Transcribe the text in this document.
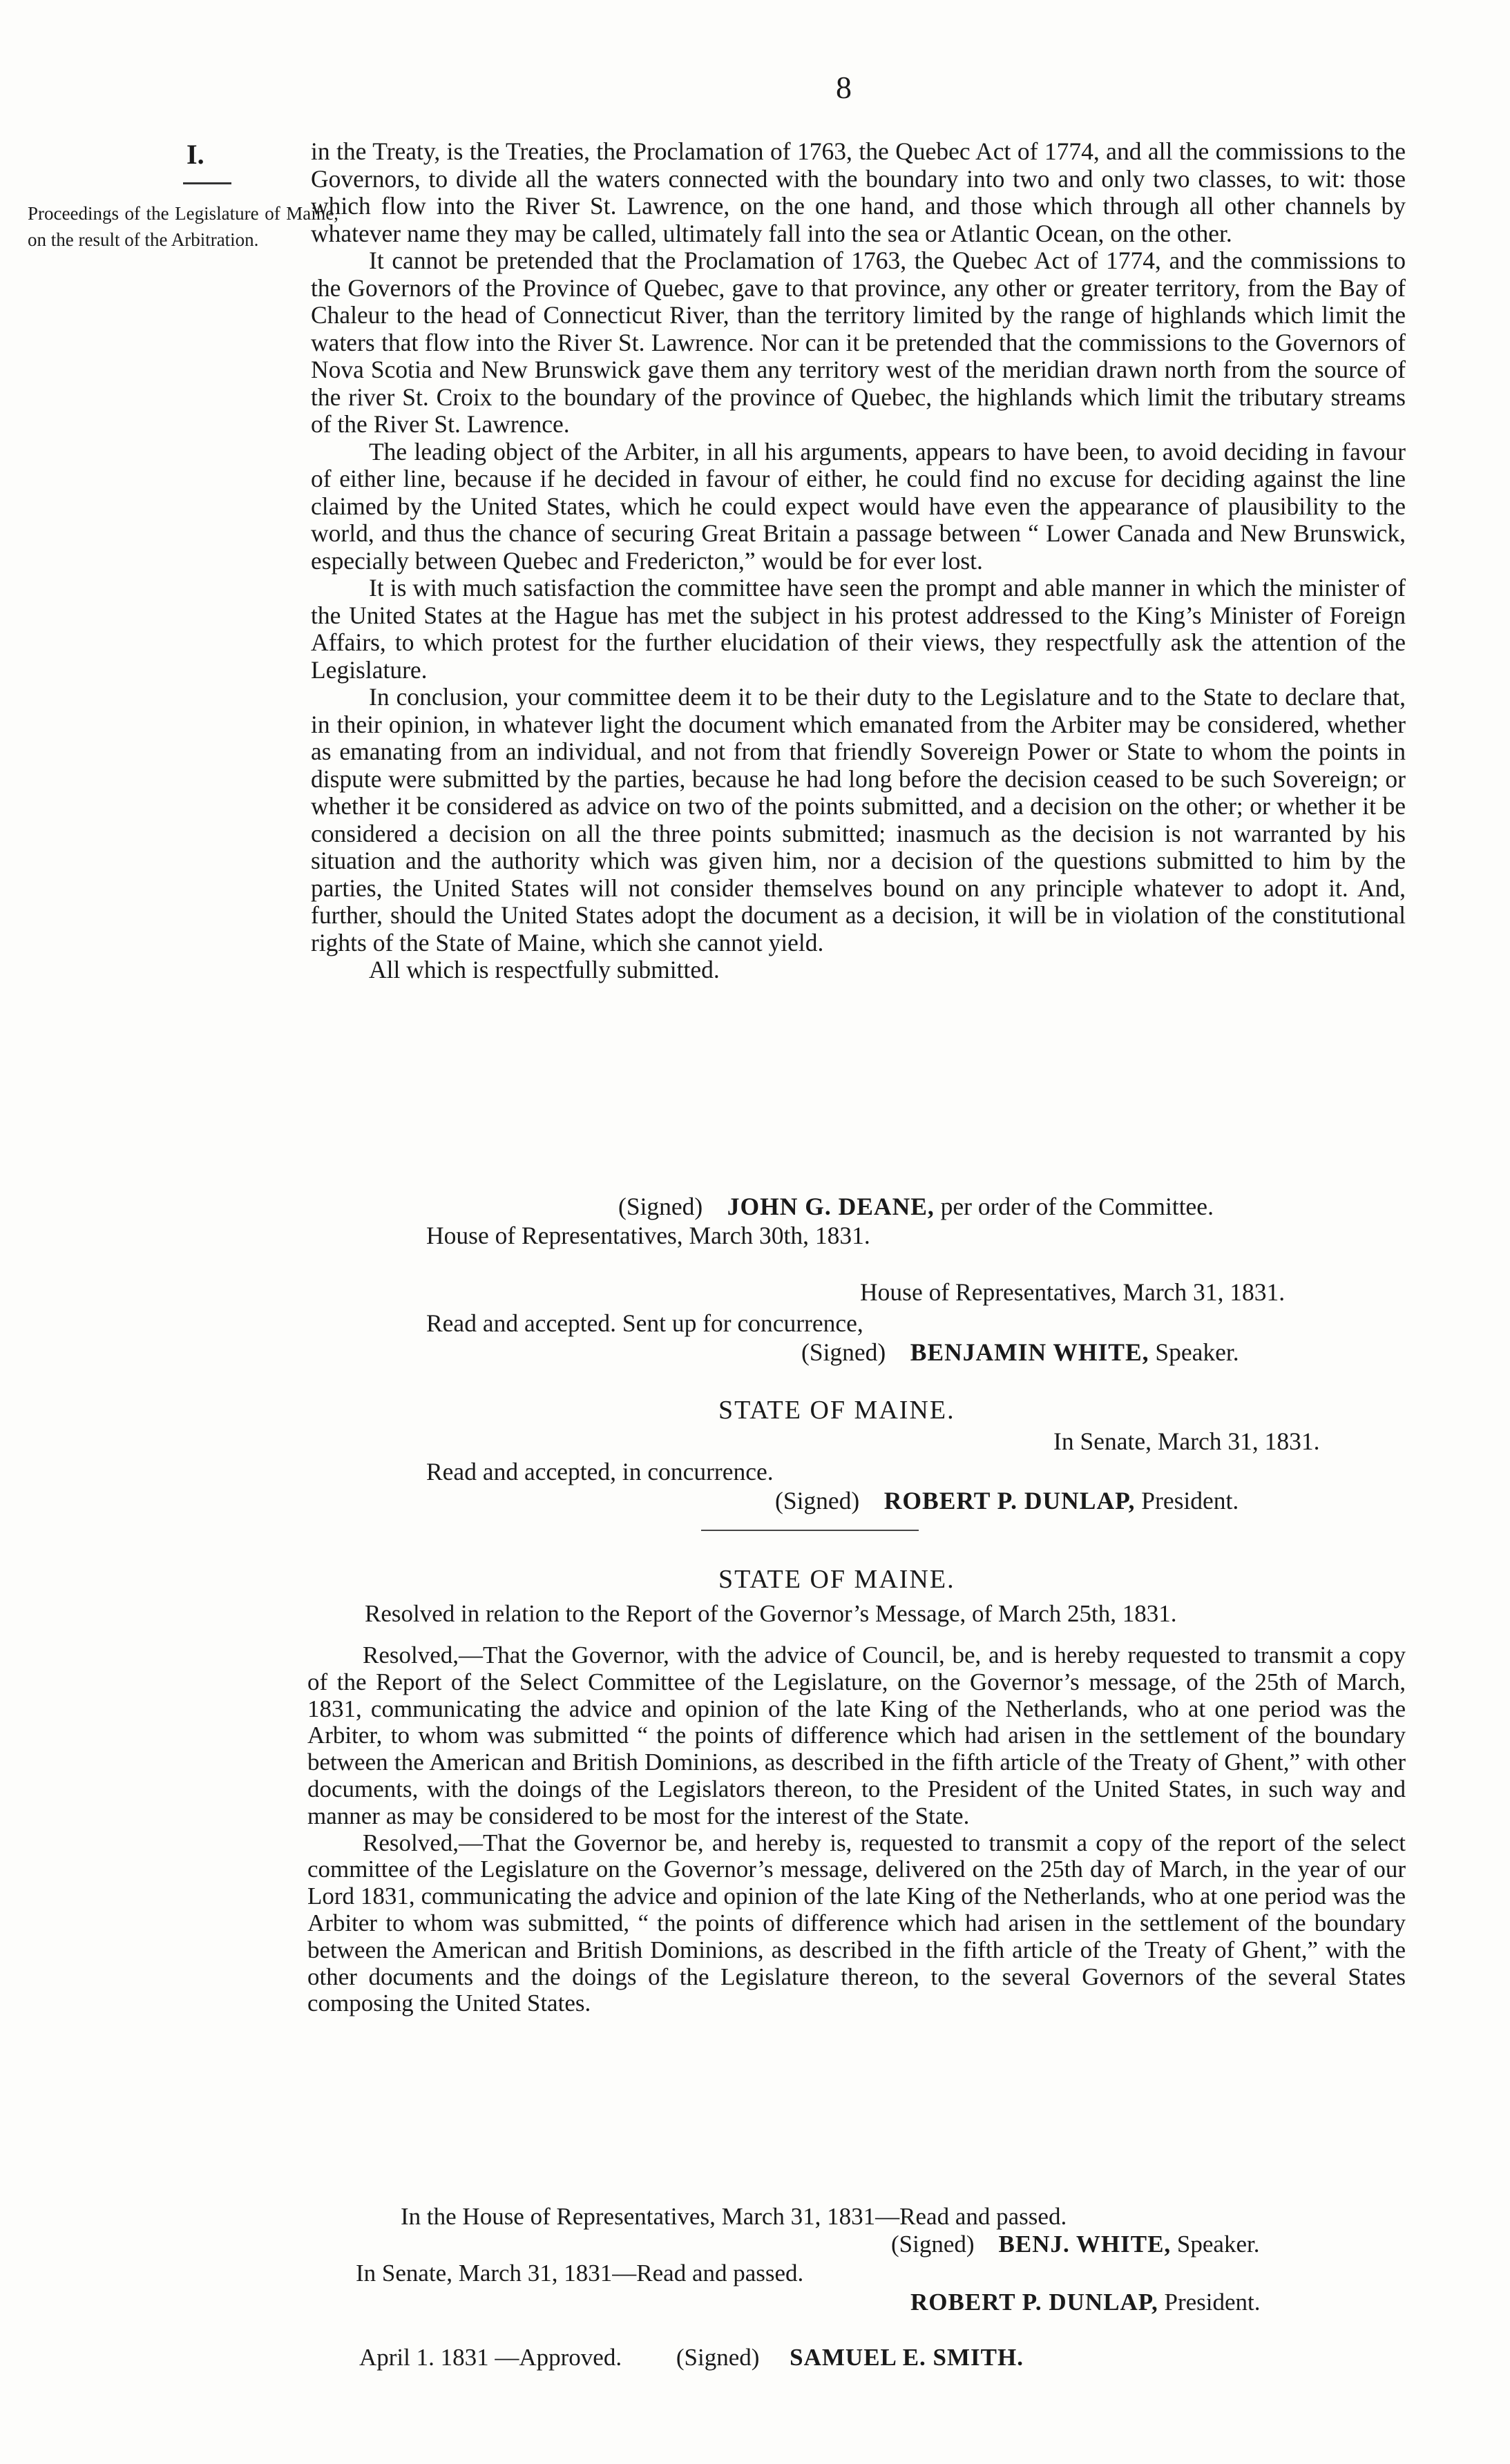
8
I.
Proceedings of the Legislature of Maine, on the result of the Arbitration.

in the Treaty, is the Treaties, the Proclamation of 1763, the Quebec Act of 1774, and all the commissions to the Governors, to divide all the waters connected with the boundary into two and only two classes, to wit: those which flow into the River St. Lawrence, on the one hand, and those which through all other channels by whatever name they may be called, ultimately fall into the sea or Atlantic Ocean, on the other.

It cannot be pretended that the Proclamation of 1763, the Quebec Act of 1774, and the commissions to the Governors of the Province of Quebec, gave to that province, any other or greater territory, from the Bay of Chaleur to the head of Connecticut River, than the territory limited by the range of highlands which limit the waters that flow into the River St. Lawrence. Nor can it be pretended that the commissions to the Governors of Nova Scotia and New Brunswick gave them any territory west of the meridian drawn north from the source of the river St. Croix to the boundary of the province of Quebec, the highlands which limit the tributary streams of the River St. Lawrence.

The leading object of the Arbiter, in all his arguments, appears to have been, to avoid deciding in favour of either line, because if he decided in favour of either, he could find no excuse for deciding against the line claimed by the United States, which he could expect would have even the appearance of plausibility to the world, and thus the chance of securing Great Britain a passage between “ Lower Canada and New Brunswick, especially between Quebec and Fredericton,” would be for ever lost.

It is with much satisfaction the committee have seen the prompt and able manner in which the minister of the United States at the Hague has met the subject in his protest addressed to the King’s Minister of Foreign Affairs, to which protest for the further elucidation of their views, they respectfully ask the attention of the Legislature.

In conclusion, your committee deem it to be their duty to the Legislature and to the State to declare that, in their opinion, in whatever light the document which emanated from the Arbiter may be considered, whether as emanating from an individual, and not from that friendly Sovereign Power or State to whom the points in dispute were submitted by the parties, because he had long before the decision ceased to be such Sovereign; or whether it be considered as advice on two of the points submitted, and a decision on the other; or whether it be considered a decision on all the three points submitted; inasmuch as the decision is not warranted by his situation and the authority which was given him, nor a decision of the questions submitted to him by the parties, the United States will not consider themselves bound on any principle whatever to adopt it. And, further, should the United States adopt the document as a decision, it will be in violation of the constitutional rights of the State of Maine, which she cannot yield.

All which is respectfully submitted.

(Signed) JOHN G. DEANE, per order of the Committee.
House of Representatives, March 30th, 1831.
House of Representatives, March 31, 1831.
Read and accepted. Sent up for concurrence,
(Signed) BENJAMIN WHITE, Speaker.
STATE OF MAINE.
In Senate, March 31, 1831.
Read and accepted, in concurrence.
(Signed) ROBERT P. DUNLAP, President.
STATE OF MAINE.
Resolved in relation to the Report of the Governor’s Message, of March 25th, 1831.

Resolved,—That the Governor, with the advice of Council, be, and is hereby requested to transmit a copy of the Report of the Select Committee of the Legislature, on the Governor’s message, of the 25th of March, 1831, communicating the advice and opinion of the late King of the Netherlands, who at one period was the Arbiter, to whom was submitted “ the points of difference which had arisen in the settlement of the boundary between the American and British Dominions, as described in the fifth article of the Treaty of Ghent,” with other documents, with the doings of the Legislators thereon, to the President of the United States, in such way and manner as may be considered to be most for the interest of the State.

Resolved,—That the Governor be, and hereby is, requested to transmit a copy of the report of the select committee of the Legislature on the Governor’s message, delivered on the 25th day of March, in the year of our Lord 1831, communicating the advice and opinion of the late King of the Netherlands, who at one period was the Arbiter to whom was submitted, “ the points of difference which had arisen in the settlement of the boundary between the American and British Dominions, as described in the fifth article of the Treaty of Ghent,” with the other documents and the doings of the Legislature thereon, to the several Governors of the several States composing the United States.

In the House of Representatives, March 31, 1831—Read and passed.
(Signed) BENJ. WHITE, Speaker.
In Senate, March 31, 1831—Read and passed.
ROBERT P. DUNLAP, President.
April 1. 1831 —Approved. (Signed) SAMUEL E. SMITH.
